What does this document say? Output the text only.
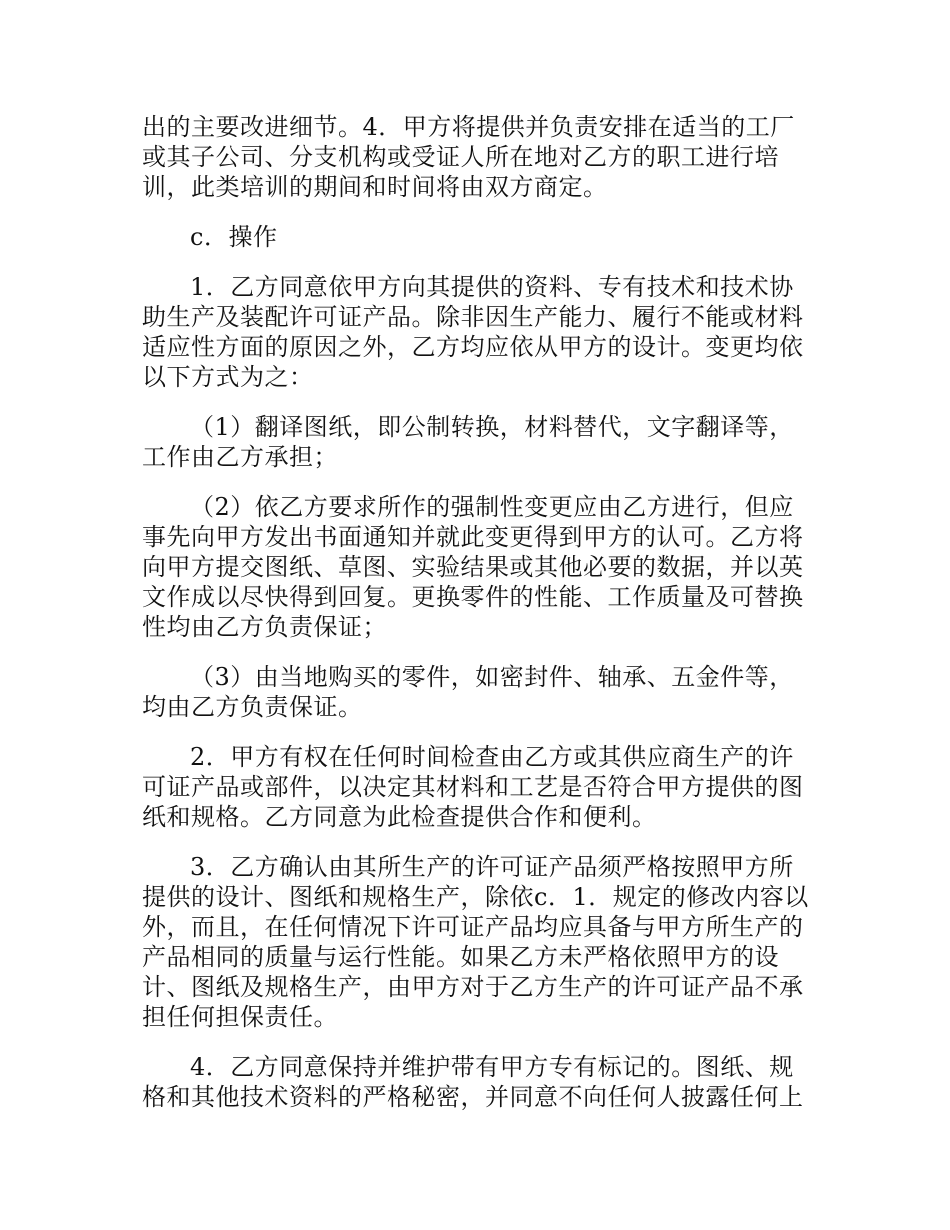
出的主要改进细节。4．甲方将提供并负责安排在适当的工厂或其子公司、分支机构或受证人所在地对乙方的职工进行培训，此类培训的期间和时间将由双方商定。

c．操作

1．乙方同意依甲方向其提供的资料、专有技术和技术协助生产及装配许可证产品。除非因生产能力、履行不能或材料适应性方面的原因之外，乙方均应依从甲方的设计。变更均依以下方式为之：

（1）翻译图纸，即公制转换，材料替代，文字翻译等，工作由乙方承担；

（2）依乙方要求所作的强制性变更应由乙方进行，但应事先向甲方发出书面通知并就此变更得到甲方的认可。乙方将向甲方提交图纸、草图、实验结果或其他必要的数据，并以英文作成以尽快得到回复。更换零件的性能、工作质量及可替换性均由乙方负责保证；

（3）由当地购买的零件，如密封件、轴承、五金件等，均由乙方负责保证。

2．甲方有权在任何时间检查由乙方或其供应商生产的许可证产品或部件，以决定其材料和工艺是否符合甲方提供的图纸和规格。乙方同意为此检查提供合作和便利。

3．乙方确认由其所生产的许可证产品须严格按照甲方所提供的设计、图纸和规格生产，除依c．1．规定的修改内容以外，而且，在任何情况下许可证产品均应具备与甲方所生产的产品相同的质量与运行性能。如果乙方未严格依照甲方的设计、图纸及规格生产，由甲方对于乙方生产的许可证产品不承担任何担保责任。

4．乙方同意保持并维护带有甲方专有标记的。图纸、规格和其他技术资料的严格秘密，并同意不向任何人披露任何上
